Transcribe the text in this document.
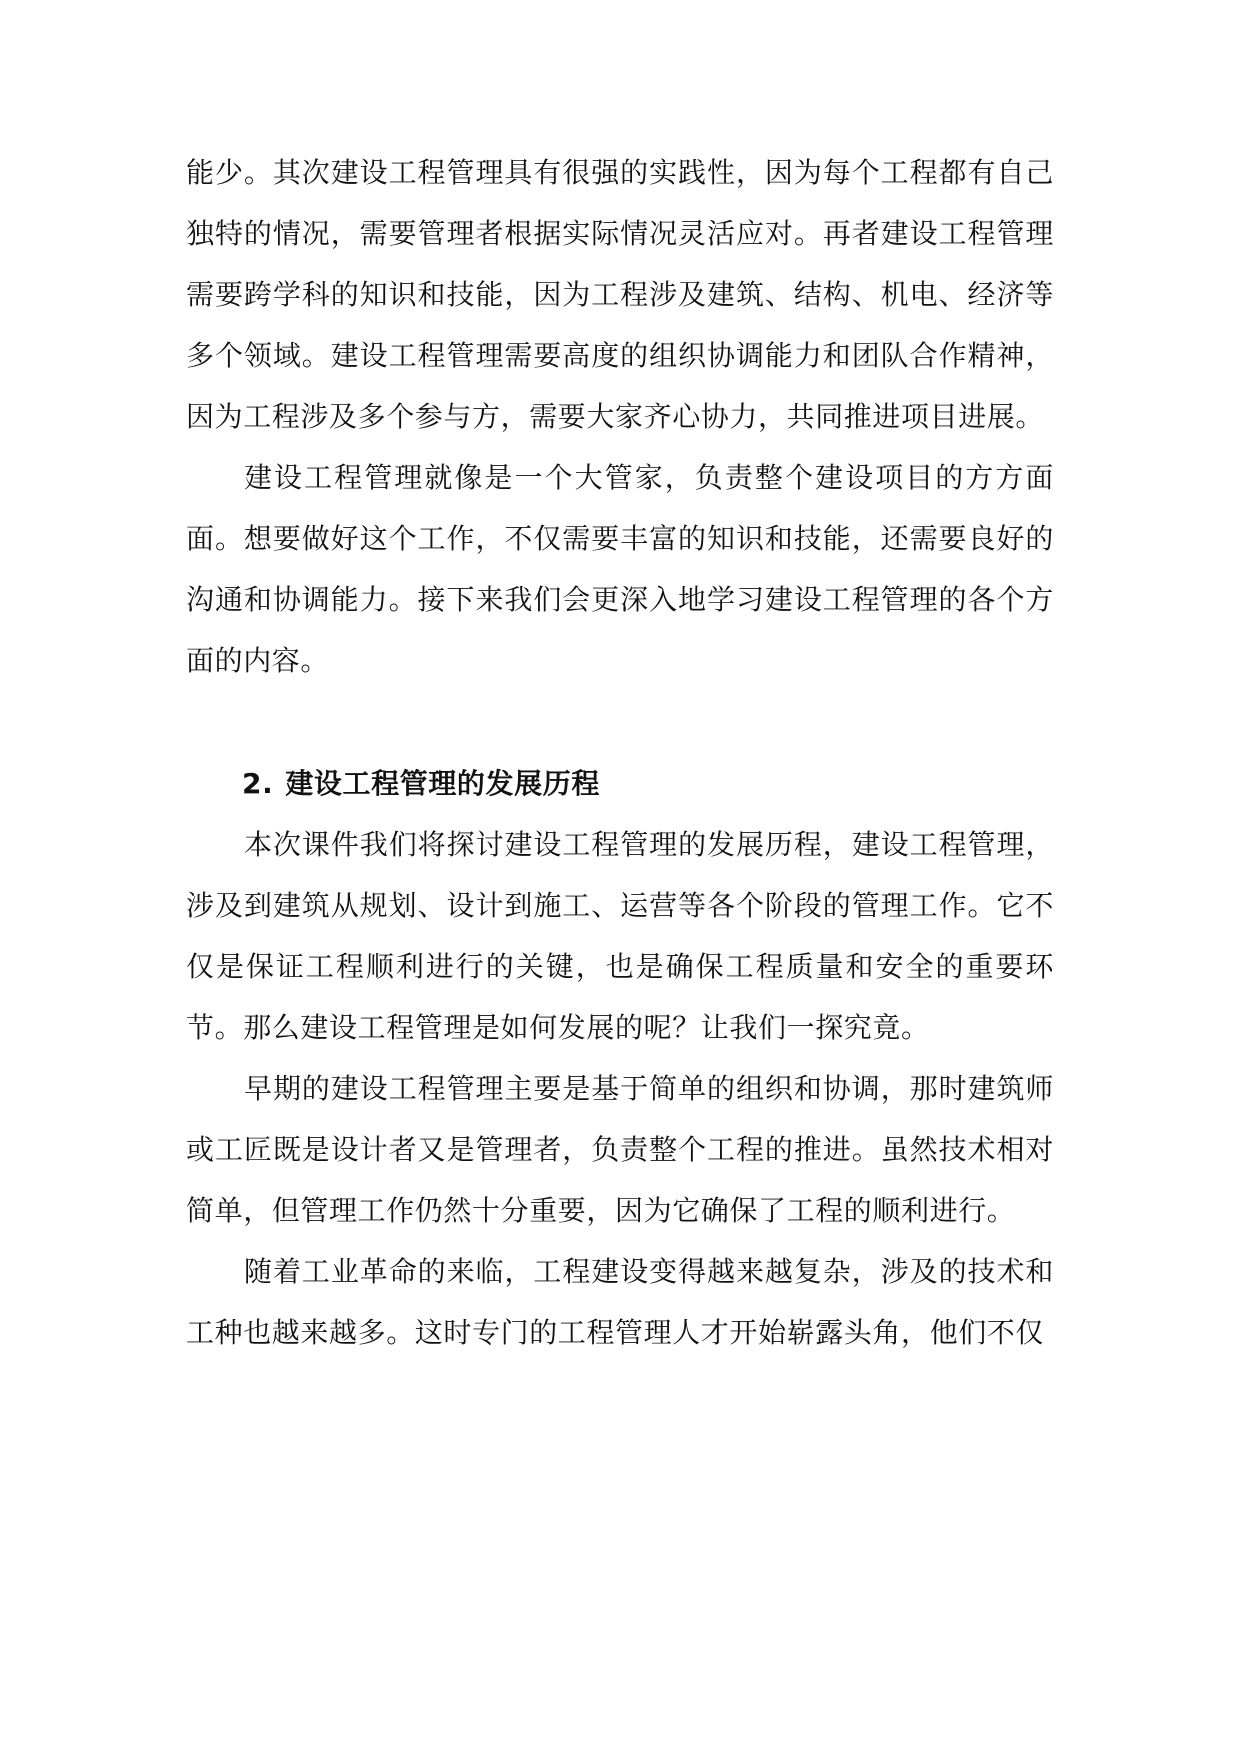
能少。其次建设工程管理具有很强的实践性，因为每个工程都有自己独特的情况，需要管理者根据实际情况灵活应对。再者建设工程管理需要跨学科的知识和技能，因为工程涉及建筑、结构、机电、经济等多个领域。建设工程管理需要高度的组织协调能力和团队合作精神，因为工程涉及多个参与方，需要大家齐心协力，共同推进项目进展。

建设工程管理就像是一个大管家，负责整个建设项目的方方面面。想要做好这个工作，不仅需要丰富的知识和技能，还需要良好的沟通和协调能力。接下来我们会更深入地学习建设工程管理的各个方面的内容。

2. 建设工程管理的发展历程

本次课件我们将探讨建设工程管理的发展历程，建设工程管理，涉及到建筑从规划、设计到施工、运营等各个阶段的管理工作。它不仅是保证工程顺利进行的关键，也是确保工程质量和安全的重要环节。那么建设工程管理是如何发展的呢？让我们一探究竟。

早期的建设工程管理主要是基于简单的组织和协调，那时建筑师或工匠既是设计者又是管理者，负责整个工程的推进。虽然技术相对简单，但管理工作仍然十分重要，因为它确保了工程的顺利进行。

随着工业革命的来临，工程建设变得越来越复杂，涉及的技术和工种也越来越多。这时专门的工程管理人才开始崭露头角，他们不仅
